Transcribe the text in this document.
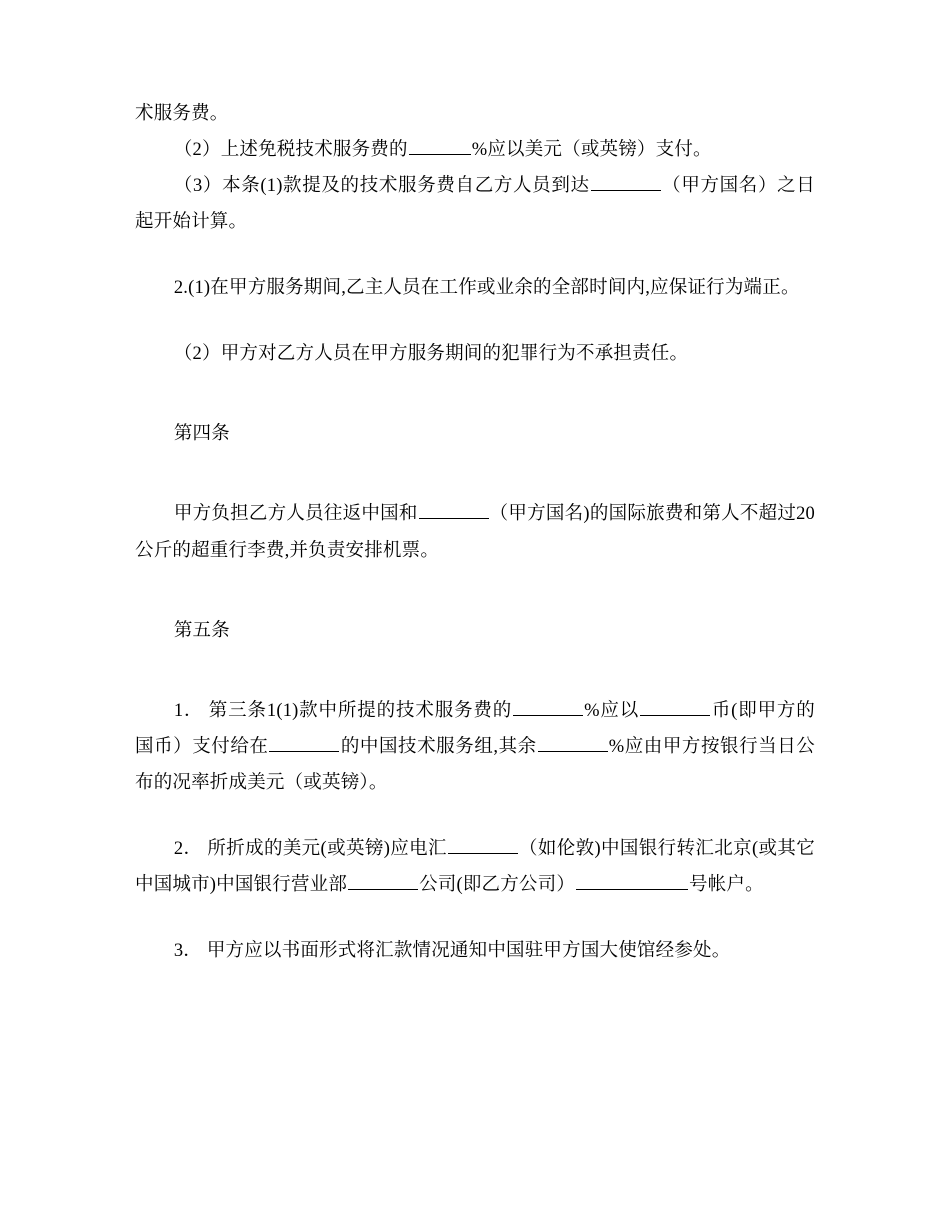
术服务费。

（2）上述免税技术服务费的	%应以美元（或英镑）支付。

（3）本条(1)款提及的技术服务费自乙方人员到达	（甲方国名）之日起开始计算。

2.(1)在甲方服务期间,乙主人员在工作或业余的全部时间内,应保证行为端正。

（2）甲方对乙方人员在甲方服务期间的犯罪行为不承担责任。

第四条

甲方负担乙方人员往返中国和	（甲方国名)的国际旅费和第人不超过20公斤的超重行李费,并负责安排机票。

第五条

1． 第三条1(1)款中所提的技术服务费的	%应以	币(即甲方的国币）支付给在	的中国技术服务组,其余	%应由甲方按银行当日公布的况率折成美元（或英镑）。

2． 所折成的美元(或英镑)应电汇	（如伦敦)中国银行转汇北京(或其它中国城市)中国银行营业部	公司(即乙方公司）	号帐户。

3． 甲方应以书面形式将汇款情况通知中国驻甲方国大使馆经参处。
